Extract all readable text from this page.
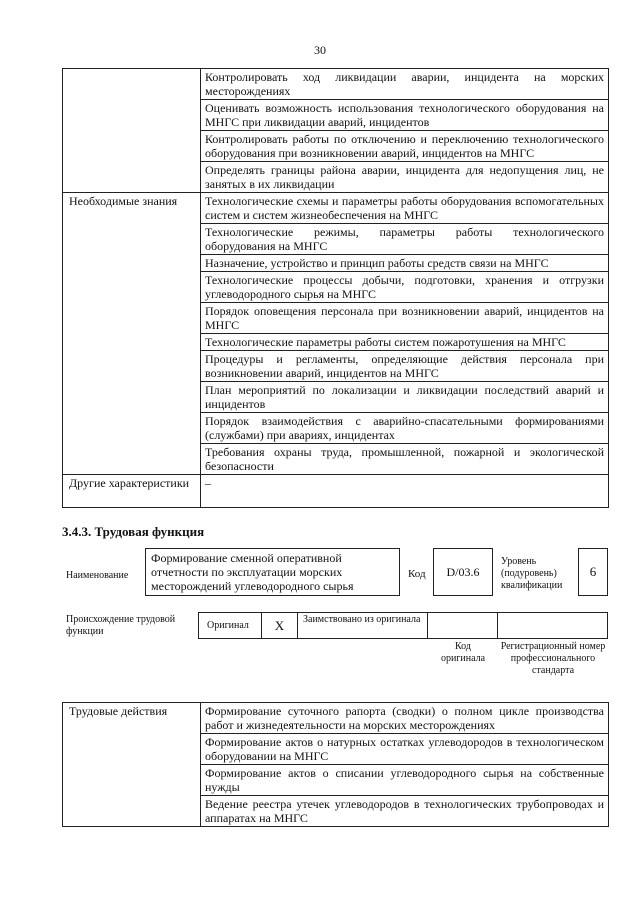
30
	Контролировать ход ликвидации аварии, инцидента на морских месторождениях
	Оценивать возможность использования технологического оборудования на МНГС при ликвидации аварий, инцидентов
	Контролировать работы по отключению и переключению технологического оборудования при возникновении аварий, инцидентов на МНГС
	Определять границы района аварии, инцидента для недопущения лиц, не занятых в их ликвидации
Необходимые знания	Технологические схемы и параметры работы оборудования вспомогательных систем и систем жизнеобеспечения на МНГС
	Технологические режимы, параметры работы технологического оборудования на МНГС
	Назначение, устройство и принцип работы средств связи на МНГС
	Технологические процессы добычи, подготовки, хранения и отгрузки углеводородного сырья на МНГС
	Порядок оповещения персонала при возникновении аварий, инцидентов на МНГС
	Технологические параметры работы систем пожаротушения на МНГС
	Процедуры и регламенты, определяющие действия персонала при возникновении аварий, инцидентов на МНГС
	План мероприятий по локализации и ликвидации последствий аварий и инцидентов
	Порядок взаимодействия с аварийно-спасательными формированиями (службами) при авариях, инцидентах
	Требования охраны труда, промышленной, пожарной и экологической безопасности
Другие характеристики	–
3.4.3. Трудовая функция
Наименование
Формирование сменной оперативной отчетности по эксплуатации морских месторождений углеводородного сырья
Код D/03.6
Уровень (подуровень) квалификации
6
Происхождение трудовой функции
Оригинал X	Заимствовано из оригинала
Код оригинала
Регистрационный номер профессионального стандарта
Трудовые действия	Формирование суточного рапорта (сводки) о полном цикле производства работ и жизнедеятельности на морских месторождениях
Формирование актов о натурных остатках углеводородов в технологическом оборудовании на МНГС
Формирование актов о списании углеводородного сырья на собственные нужды
Ведение реестра утечек углеводородов в технологических трубопроводах и аппаратах на МНГС
